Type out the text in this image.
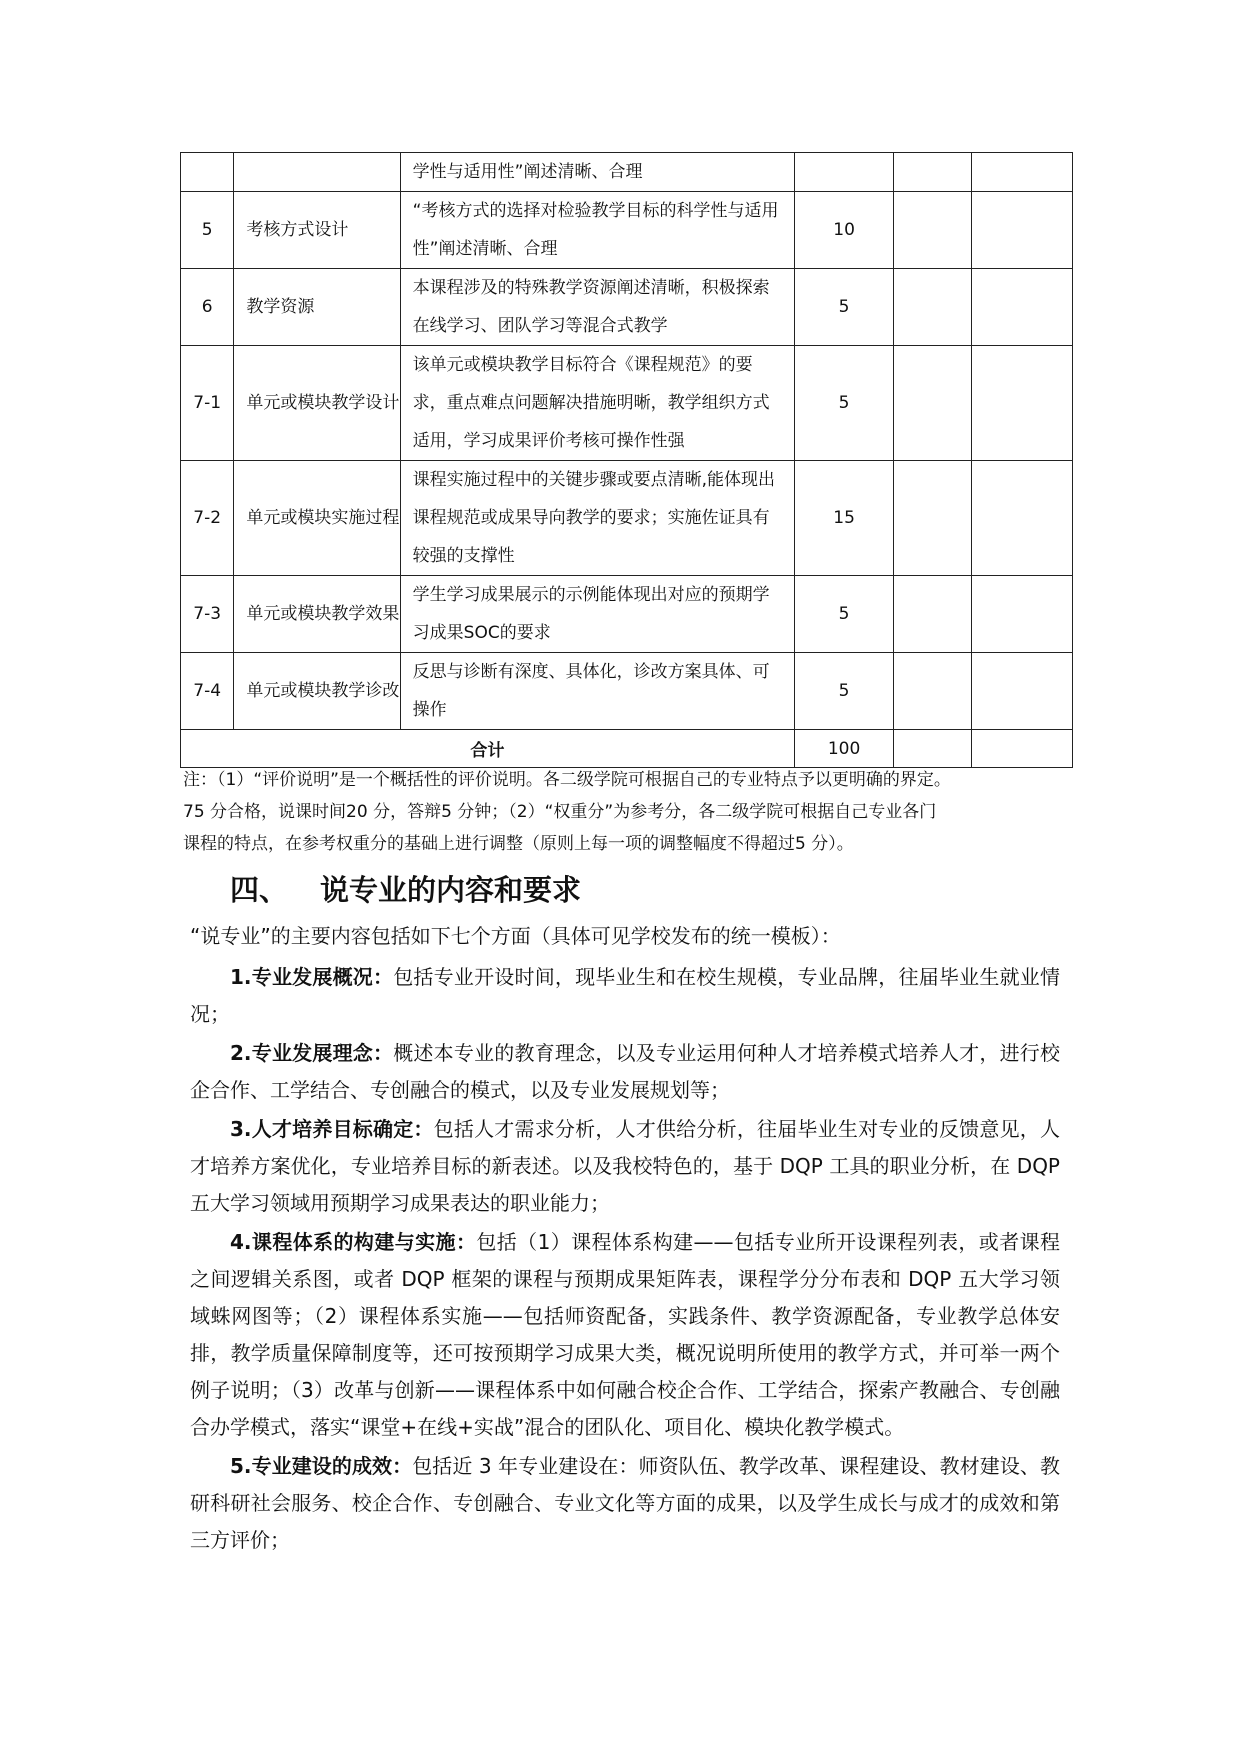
		学性与适用性”阐述清晰、合理			
5	考核方式设计	“考核方式的选择对检验教学目标的科学性与适用性”阐述清晰、合理	10		
6	教学资源	本课程涉及的特殊教学资源阐述清晰，积极探索在线学习、团队学习等混合式教学	5		
7-1	单元或模块教学设计	该单元或模块教学目标符合《课程规范》的要求，重点难点问题解决措施明晰，教学组织方式适用，学习成果评价考核可操作性强	5		
7-2	单元或模块实施过程	课程实施过程中的关键步骤或要点清晰,能体现出课程规范或成果导向教学的要求；实施佐证具有较强的支撑性	15		
7-3	单元或模块教学效果	学生学习成果展示的示例能体现出对应的预期学习成果SOC的要求	5		
7-4	单元或模块教学诊改	反思与诊断有深度、具体化，诊改方案具体、可操作	5		
合计			100		

注：（1）“评价说明”是一个概括性的评价说明。各二级学院可根据自己的专业特点予以更明确的界定。

75 分合格，说课时间20 分，答辩5 分钟；（2）“权重分”为参考分，各二级学院可根据自己专业各门

课程的特点，在参考权重分的基础上进行调整（原则上每一项的调整幅度不得超过5 分）。

四、 说专业的内容和要求

“说专业”的主要内容包括如下七个方面（具体可见学校发布的统一模板）：

1.专业发展概况：包括专业开设时间，现毕业生和在校生规模，专业品牌，往届毕业生就业情况；

2.专业发展理念：概述本专业的教育理念，以及专业运用何种人才培养模式培养人才，进行校企合作、工学结合、专创融合的模式，以及专业发展规划等；

3.人才培养目标确定：包括人才需求分析，人才供给分析，往届毕业生对专业的反馈意见，人才培养方案优化，专业培养目标的新表述。以及我校特色的，基于 DQP 工具的职业分析，在 DQP 五大学习领域用预期学习成果表达的职业能力；

4.课程体系的构建与实施：包括（1）课程体系构建——包括专业所开设课程列表，或者课程之间逻辑关系图，或者 DQP 框架的课程与预期成果矩阵表，课程学分分布表和 DQP 五大学习领域蛛网图等；（2）课程体系实施——包括师资配备，实践条件、教学资源配备，专业教学总体安排，教学质量保障制度等，还可按预期学习成果大类，概况说明所使用的教学方式，并可举一两个例子说明；（3）改革与创新——课程体系中如何融合校企合作、工学结合，探索产教融合、专创融合办学模式，落实“课堂+在线+实战”混合的团队化、项目化、模块化教学模式。

5.专业建设的成效：包括近 3 年专业建设在：师资队伍、教学改革、课程建设、教材建设、教研科研社会服务、校企合作、专创融合、专业文化等方面的成果，以及学生成长与成才的成效和第三方评价；
